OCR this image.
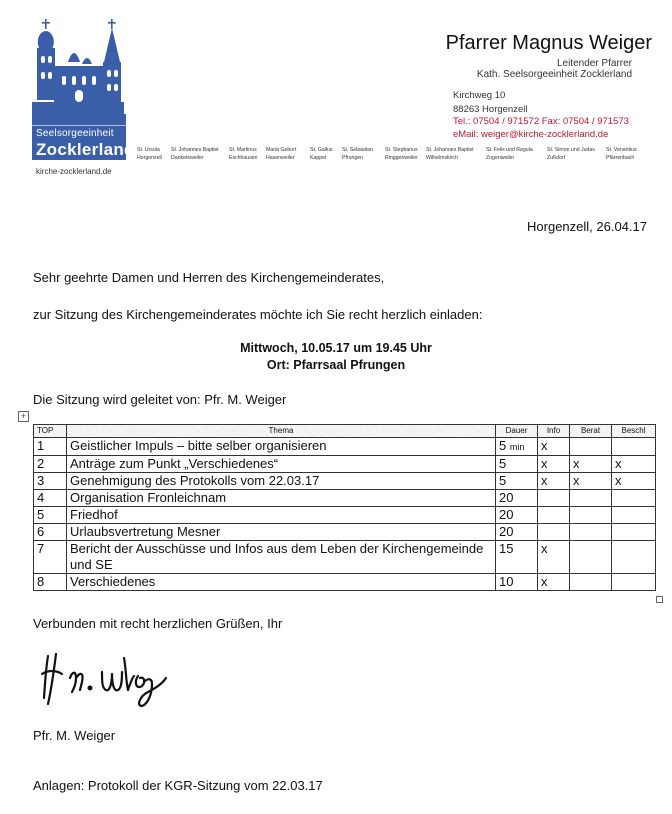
Seelsorgeeinheit
Zocklerland
kirche-zocklerland.de
Pfarrer Magnus Weiger
Leitender Pfarrer
Kath. Seelsorgeeinheit Zocklerland
Kirchweg 10
88263 Horgenzell
Tel.: 07504 / 971572 Fax: 07504 / 971573
eMail: weiger@kirche-zocklerland.de
St. Ursula
Horgenzell
St. Johannes Baptist
Danketsweiler
St. Martinus
Eschhausen
Mariä Geburt
Hasenweiler
St. Gallus
Kappel
St. Sebastian
Pfrungen
St. Stephanus
Ringgenweiler
St. Johannes Baptist
Wilhelmskirch
St. Felix und Regula
Zogenweiler
St. Simon und Judas
Zußdorf
St. Venantius
Pfärrenbach
Horgenzell, 26.04.17
Sehr geehrte Damen und Herren des Kirchengemeinderates,
zur Sitzung des Kirchengemeinderates möchte ich Sie recht herzlich einladen:
Mittwoch, 10.05.17 um 19.45 Uhr
Ort: Pfarrsaal Pfrungen
Die Sitzung wird geleitet von: Pfr. M. Weiger
+
TOP	Thema	Dauer	Info	Berat	Beschl
1	Geistlicher Impuls – bitte selber organisieren	5 min	x		
2	Anträge zum Punkt „Verschiedenes“	5	x	x	x
3	Genehmigung des Protokolls vom 22.03.17	5	x	x	x
4	Organisation Fronleichnam	20			
5	Friedhof	20			
6	Urlaubsvertretung Mesner	20			
7	Bericht der Ausschüsse und Infos aus dem Leben der Kirchengemeinde und SE	15	x		
8	Verschiedenes	10	x		
Verbunden mit recht herzlichen Grüßen, Ihr
Pfr. M. Weiger
Anlagen: Protokoll der KGR-Sitzung vom 22.03.17
